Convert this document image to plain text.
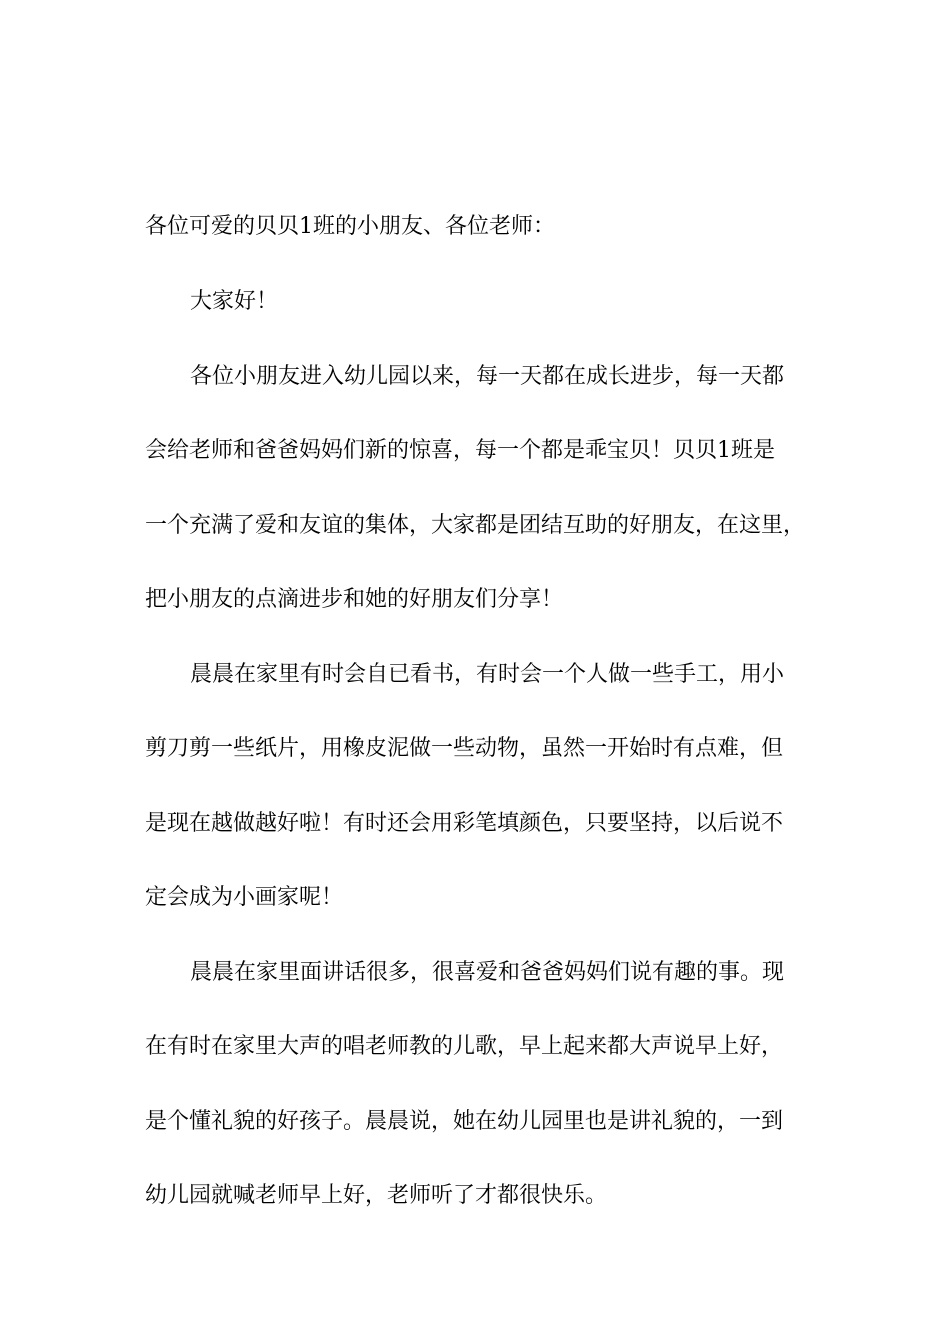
各位可爱的贝贝1班的小朋友、各位老师：
大家好！
各位小朋友进入幼儿园以来，每一天都在成长进步，每一天都
会给老师和爸爸妈妈们新的惊喜，每一个都是乖宝贝！贝贝1班是
一个充满了爱和友谊的集体，大家都是团结互助的好朋友，在这里，
把小朋友的点滴进步和她的好朋友们分享！
晨晨在家里有时会自已看书，有时会一个人做一些手工，用小
剪刀剪一些纸片，用橡皮泥做一些动物，虽然一开始时有点难，但
是现在越做越好啦！有时还会用彩笔填颜色，只要坚持，以后说不
定会成为小画家呢！
晨晨在家里面讲话很多，很喜爱和爸爸妈妈们说有趣的事。现
在有时在家里大声的唱老师教的儿歌，早上起来都大声说早上好，
是个懂礼貌的好孩子。晨晨说，她在幼儿园里也是讲礼貌的，一到
幼儿园就喊老师早上好，老师听了才都很快乐。
